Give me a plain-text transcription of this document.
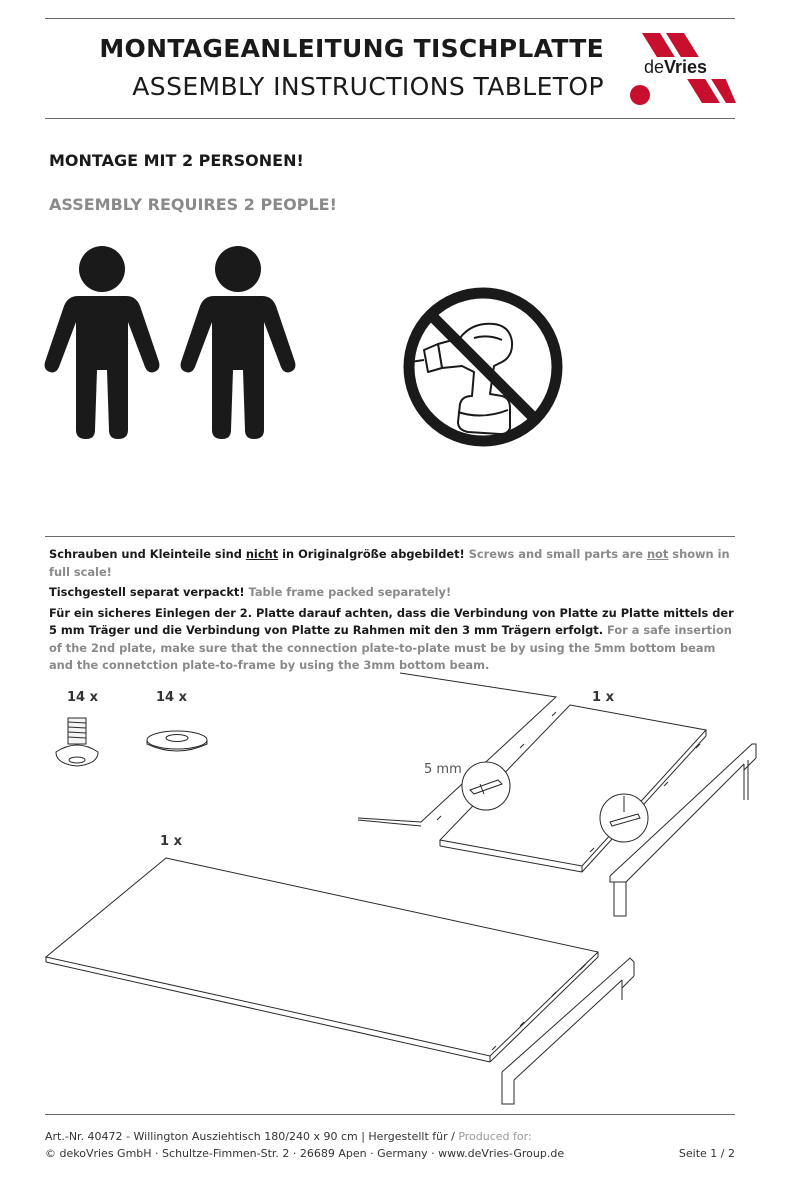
MONTAGEANLEITUNG TISCHPLATTE
ASSEMBLY INSTRUCTIONS TABLETOP
deVries
MONTAGE MIT 2 PERSONEN!
ASSEMBLY REQUIRES 2 PEOPLE!

Schrauben und Kleinteile sind nicht in Originalgröße abgebildet! Screws and small parts are not shown in full scale!

Tischgestell separat verpackt! Table frame packed separately!

Für ein sicheres Einlegen der 2. Platte darauf achten, dass die Verbindung von Platte zu Platte mittels der 5 mm Träger und die Verbindung von Platte zu Rahmen mit den 3 mm Trägern erfolgt. For a safe insertion of the 2nd plate, make sure that the connection plate-to-plate must be by using the 5mm bottom beam and the connetction plate-to-frame by using the 3mm bottom beam.

14 x	14 x	1 x
1 x
5 mm
Art.-Nr. 40472 - Willington Ausziehtisch 180/240 x 90 cm | Hergestellt für / Produced for:
© dekoVries GmbH · Schultze-Fimmen-Str. 2 · 26689 Apen · Germany · www.deVries-Group.de	Seite 1 / 2
